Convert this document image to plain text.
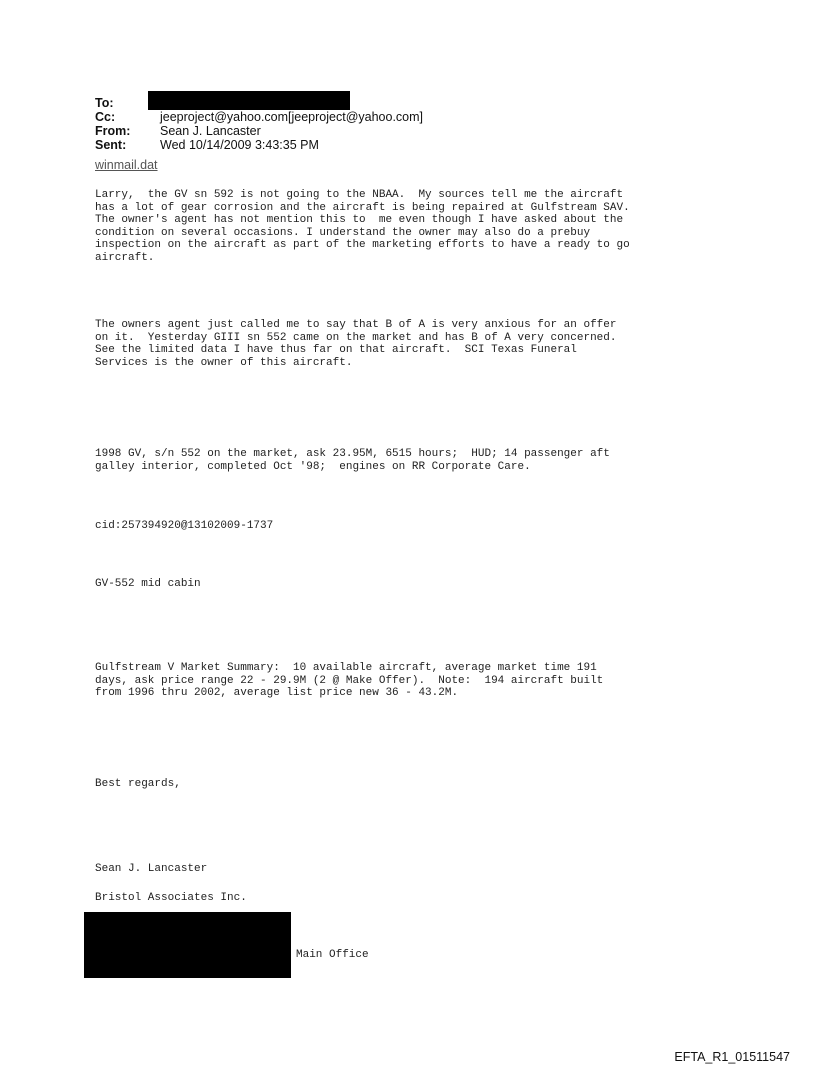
To:
Cc:	jeeproject@yahoo.com[jeeproject@yahoo.com]
From: Sean J. Lancaster
Sent:	Wed 10/14/2009 3:43:35 PM
winmail.dat
Larry,  the GV sn 592 is not going to the NBAA.  My sources tell me the aircraft
has a lot of gear corrosion and the aircraft is being repaired at Gulfstream SAV.
The owner's agent has not mention this to  me even though I have asked about the
condition on several occasions. I understand the owner may also do a prebuy
inspection on the aircraft as part of the marketing efforts to have a ready to go
aircraft.
The owners agent just called me to say that B of A is very anxious for an offer
on it.  Yesterday GIII sn 552 came on the market and has B of A very concerned.
See the limited data I have thus far on that aircraft.  SCI Texas Funeral
Services is the owner of this aircraft.
1998 GV, s/n 552 on the market, ask 23.95M, 6515 hours;  HUD; 14 passenger aft
galley interior, completed Oct '98;  engines on RR Corporate Care.
cid:257394920@13102009-1737
GV-552 mid cabin
Gulfstream V Market Summary:  10 available aircraft, average market time 191
days, ask price range 22 - 29.9M (2 @ Make Offer).  Note:  194 aircraft built
from 1996 thru 2002, average list price new 36 - 43.2M.
Best regards,
Sean J. Lancaster
Bristol Associates Inc.
Main Office
EFTA_R1_01511547
